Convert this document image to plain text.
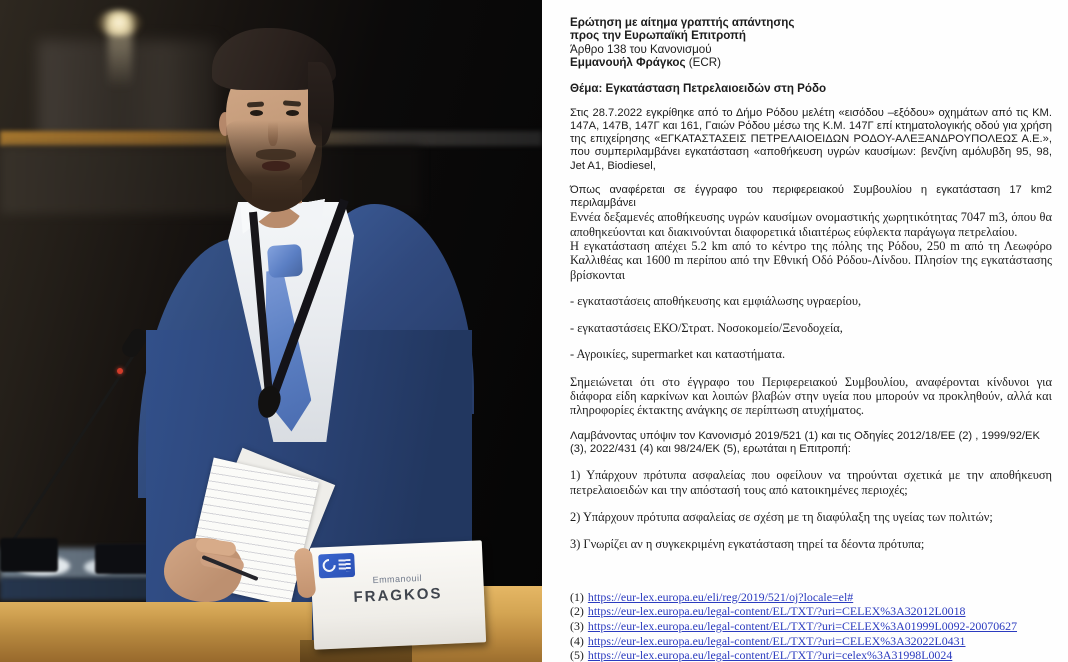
Emmanouil
FRAGKOS
Ερώτηση με αίτημα γραπτής απάντησης
προς την Ευρωπαϊκή Επιτροπή
Άρθρο 138 του Κανονισμού
Εμμανουήλ Φράγκος (ECR)
Θέμα: Εγκατάσταση Πετρελαιοειδών στη Ρόδο
Στις 28.7.2022 εγκρίθηκε από το Δήμο Ρόδου μελέτη «εισόδου –εξόδου» οχημάτων από τις ΚΜ. 147Α, 147Β, 147Γ και 161, Γαιών Ρόδου μέσω της Κ.Μ. 147Γ επί κτηματολογικής οδού για χρήση της επιχείρησης «ΕΓΚΑΤΑΣΤΑΣΕΙΣ ΠΕΤΡΕΛΑΙΟΕΙΔΩΝ ΡΟΔΟΥ-ΑΛΕΞΑΝΔΡΟΥΠΟΛΕΩΣ Α.Ε.», που συμπεριλαμβάνει εγκατάσταση «αποθήκευση υγρών καυσίμων: βενζίνη αμόλυβδη 95, 98, Jet A1, Biodiesel,
Όπως αναφέρεται σε έγγραφο του περιφερειακού Συμβουλίου η εγκατάσταση 17 km2 περιλαμβάνει
Εννέα δεξαμενές αποθήκευσης υγρών καυσίμων ονομαστικής χωρητικότητας 7047 m3, όπου θα αποθηκεύονται και διακινούνται διαφορετικά ιδιαιτέρως εύφλεκτα παράγωγα πετρελαίου.
Η εγκατάσταση απέχει 5.2 km από το κέντρο της πόλης της Ρόδου, 250 m από τη Λεωφόρο Καλλιθέας και 1600 m περίπου από την Εθνική Οδό Ρόδου-Λίνδου. Πλησίον της εγκατάστασης βρίσκονται
- εγκαταστάσεις αποθήκευσης και εμφιάλωσης υγραερίου,
- εγκαταστάσεις ΕΚΟ/Στρατ. Νοσοκομείο/Ξενοδοχεία,
- Αγροικίες, supermarket και καταστήματα.
Σημειώνεται ότι στο έγγραφο του Περιφερειακού Συμβουλίου, αναφέρονται κίνδυνοι για διάφορα είδη καρκίνων και λοιπών βλαβών στην υγεία που μπορούν να προκληθούν, αλλά και πληροφορίες έκτακτης ανάγκης σε περίπτωση ατυχήματος.
Λαμβάνοντας υπόψιν τον Κανονισμό 2019/521 (1) και τις Οδηγίες 2012/18/ΕΕ (2) , 1999/92/ΕΚ (3), 2022/431 (4) και 98/24/ΕΚ (5), ερωτάται η Επιτροπή:
1) Υπάρχουν πρότυπα ασφαλείας που οφείλουν να τηρούνται σχετικά με την αποθήκευση πετρελαιοειδών και την απόστασή τους από κατοικημένες περιοχές;
2) Υπάρχουν πρότυπα ασφαλείας σε σχέση με τη διαφύλαξη της υγείας των πολιτών;
3) Γνωρίζει αν η συγκεκριμένη εγκατάσταση τηρεί τα δέοντα πρότυπα;
(1) https://eur-lex.europa.eu/eli/reg/2019/521/oj?locale=el#
(2) https://eur-lex.europa.eu/legal-content/EL/TXT/?uri=CELEX%3A32012L0018
(3) https://eur-lex.europa.eu/legal-content/EL/TXT/?uri=CELEX%3A01999L0092-20070627
(4) https://eur-lex.europa.eu/legal-content/EL/TXT/?uri=CELEX%3A32022L0431
(5) https://eur-lex.europa.eu/legal-content/EL/TXT/?uri=celex%3A31998L0024
